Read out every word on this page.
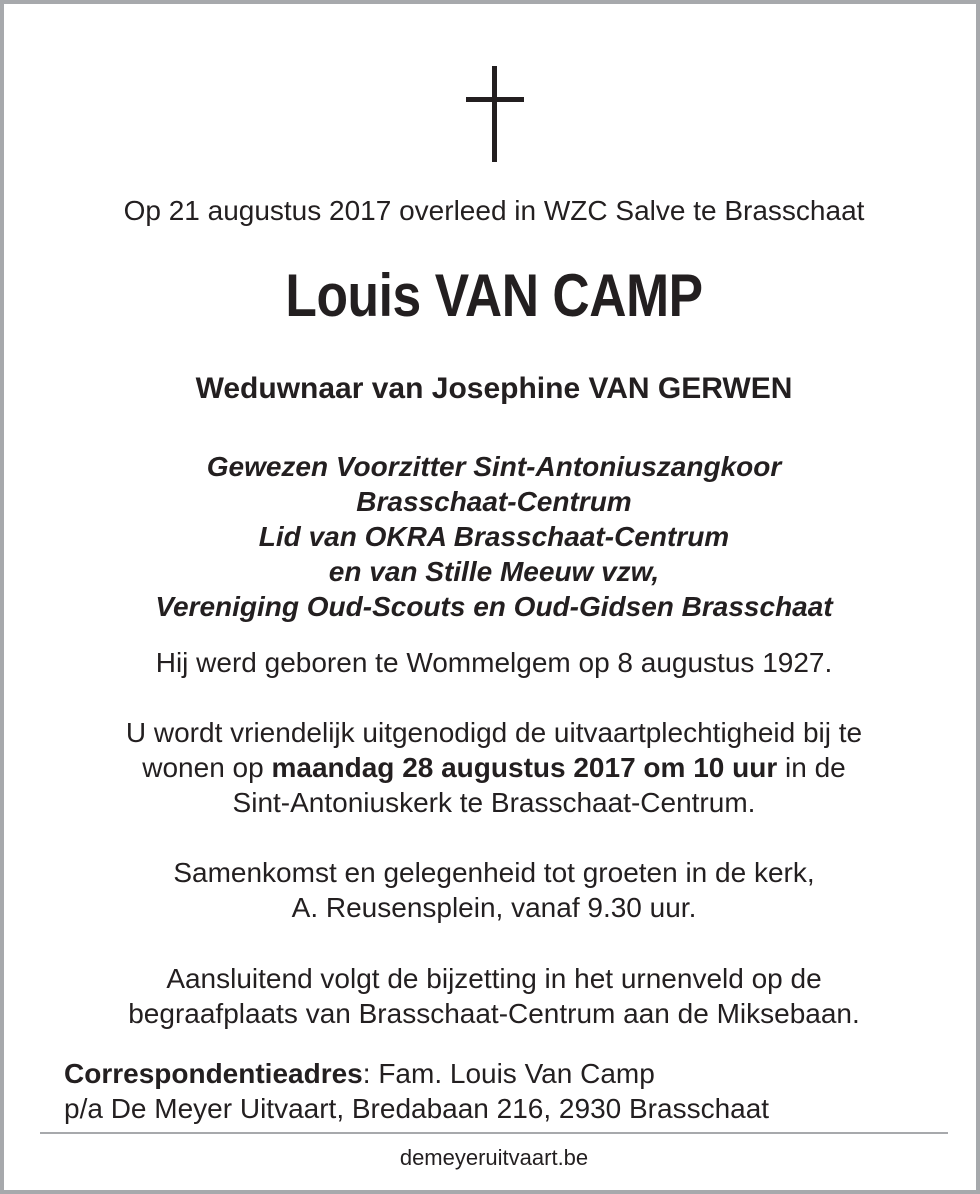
Op 21 augustus 2017 overleed in WZC Salve te Brasschaat
Louis VAN CAMP
Weduwnaar van Josephine VAN GERWEN
Gewezen Voorzitter Sint-Antoniuszangkoor
Brasschaat-Centrum
Lid van OKRA Brasschaat-Centrum
en van Stille Meeuw vzw,
Vereniging Oud-Scouts en Oud-Gidsen Brasschaat
Hij werd geboren te Wommelgem op 8 augustus 1927.
U wordt vriendelijk uitgenodigd de uitvaartplechtigheid bij te
wonen op maandag 28 augustus 2017 om 10 uur in de
Sint-Antoniuskerk te Brasschaat-Centrum.
Samenkomst en gelegenheid tot groeten in de kerk,
A. Reusensplein, vanaf 9.30 uur.
Aansluitend volgt de bijzetting in het urnenveld op de
begraafplaats van Brasschaat-Centrum aan de Miksebaan.
Correspondentieadres: Fam. Louis Van Camp
p/a De Meyer Uitvaart, Bredabaan 216, 2930 Brasschaat
demeyeruitvaart.be
